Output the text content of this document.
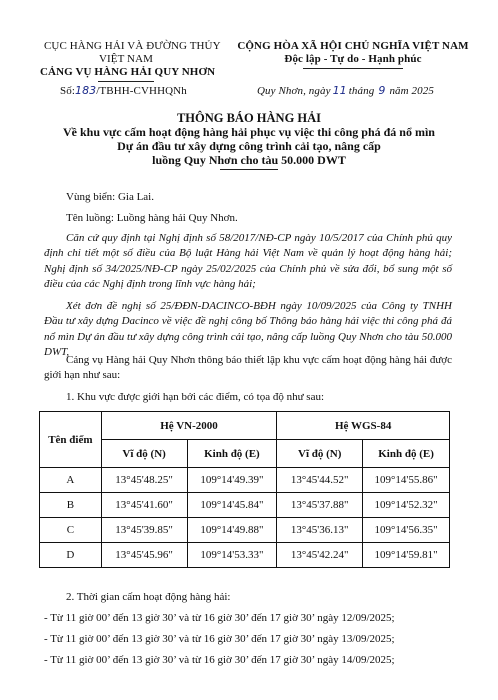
CỤC HÀNG HẢI VÀ ĐƯỜNG THỦY
VIỆT NAM
CẢNG VỤ HÀNG HẢI QUY NHƠN
Số:183/TBHH-CVHHQNh
CỘNG HÒA XÃ HỘI CHỦ NGHĨA VIỆT NAM
Độc lập - Tự do - Hạnh phúc
Quy Nhơn, ngày 11 tháng 9 năm 2025
THÔNG BÁO HÀNG HẢI
Về khu vực cấm hoạt động hàng hải phục vụ việc thi công phá đá nổ mìn
Dự án đầu tư xây dựng công trình cải tạo, nâng cấp
luồng Quy Nhơn cho tàu 50.000 DWT
Vùng biển: Gia Lai.
Tên luồng: Luồng hàng hải Quy Nhơn.
Căn cứ quy định tại Nghị định số 58/2017/NĐ-CP ngày 10/5/2017 của Chính phủ quy định chi tiết một số điều của Bộ luật Hàng hải Việt Nam về quản lý hoạt động hàng hải; Nghị định số 34/2025/NĐ-CP ngày 25/02/2025 của Chính phủ về sửa đổi, bổ sung một số điều của các Nghị định trong lĩnh vực hàng hải;
Xét đơn đề nghị số 25/ĐĐN-DACINCO-BĐH ngày 10/09/2025 của Công ty TNHH Đầu tư xây dựng Dacinco về việc đề nghị công bố Thông báo hàng hải việc thi công phá đá nổ mìn Dự án đầu tư xây dựng công trình cải tạo, nâng cấp luồng Quy Nhơn cho tàu 50.000 DWT,
Cảng vụ Hàng hải Quy Nhơn thông báo thiết lập khu vực cấm hoạt động hàng hải được giới hạn như sau:
1. Khu vực được giới hạn bởi các điểm, có tọa độ như sau:
Tên điểm	Hệ VN-2000		Hệ WGS-84	
	Vĩ độ (N)	Kinh độ (E)	Vĩ độ (N)	Kinh độ (E)
A	13°45'48.25"	109°14'49.39"	13°45'44.52"	109°14'55.86"
B	13°45'41.60"	109°14'45.84"	13°45'37.88"	109°14'52.32"
C	13°45'39.85"	109°14'49.88"	13°45'36.13"	109°14'56.35"
D	13°45'45.96"	109°14'53.33"	13°45'42.24"	109°14'59.81"
2. Thời gian cấm hoạt động hàng hải:
- Từ 11 giờ 00’ đến 13 giờ 30’ và từ 16 giờ 30’ đến 17 giờ 30’ ngày 12/09/2025;
- Từ 11 giờ 00’ đến 13 giờ 30’ và từ 16 giờ 30’ đến 17 giờ 30’ ngày 13/09/2025;
- Từ 11 giờ 00’ đến 13 giờ 30’ và từ 16 giờ 30’ đến 17 giờ 30’ ngày 14/09/2025;
